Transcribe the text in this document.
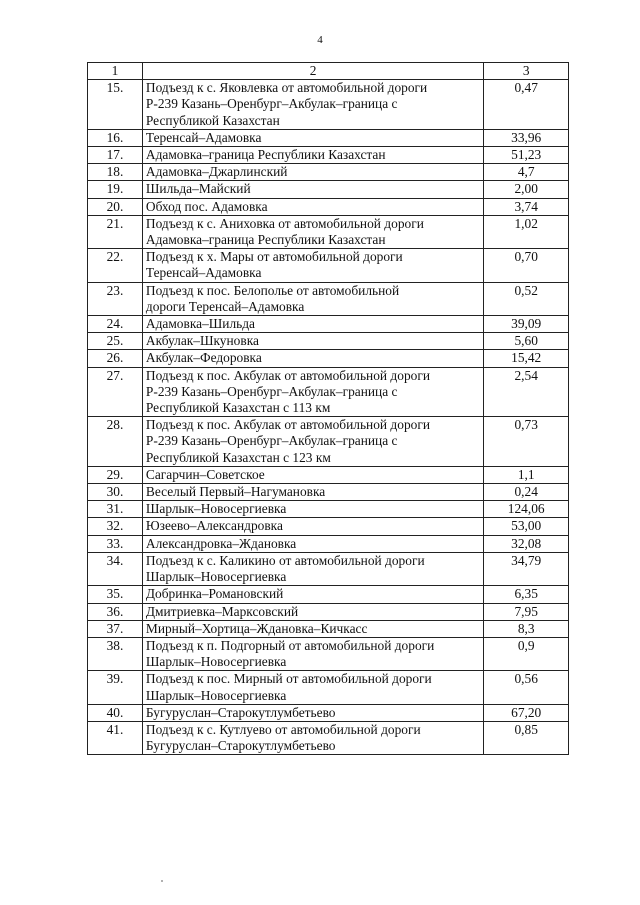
4
1	2	3
15.	Подъезд к с. Яковлевка от автомобильной дороги
Р-239 Казань–Оренбург–Акбулак–граница с
Республикой Казахстан	0,47
16.	Теренсай–Адамовка	33,96
17.	Адамовка–граница Республики Казахстан	51,23
18.	Адамовка–Джарлинский	4,7
19.	Шильда–Майский	2,00
20.	Обход пос. Адамовка	3,74
21.	Подъезд к с. Аниховка от автомобильной дороги
Адамовка–граница Республики Казахстан	1,02
22.	Подъезд к х. Мары от автомобильной дороги
Теренсай–Адамовка	0,70
23.	Подъезд к пос. Белополье от автомобильной
дороги Теренсай–Адамовка	0,52
24.	Адамовка–Шильда	39,09
25.	Акбулак–Шкуновка	5,60
26.	Акбулак–Федоровка	15,42
27.	Подъезд к пос. Акбулак от автомобильной дороги
Р-239 Казань–Оренбург–Акбулак–граница с
Республикой Казахстан с 113 км	2,54
28.	Подъезд к пос. Акбулак от автомобильной дороги
Р-239 Казань–Оренбург–Акбулак–граница с
Республикой Казахстан с 123 км	0,73
29.	Сагарчин–Советское	1,1
30.	Веселый Первый–Нагумановка	0,24
31.	Шарлык–Новосергиевка	124,06
32.	Юзеево–Александровка	53,00
33.	Александровка–Ждановка	32,08
34.	Подъезд к с. Каликино от автомобильной дороги
Шарлык–Новосергиевка	34,79
35.	Добринка–Романовский	6,35
36.	Дмитриевка–Марксовский	7,95
37.	Мирный–Хортица–Ждановка–Кичкасс	8,3
38.	Подъезд к п. Подгорный от автомобильной дороги
Шарлык–Новосергиевка	0,9
39.	Подъезд к пос. Мирный от автомобильной дороги
Шарлык–Новосергиевка	0,56
40.	Бугуруслан–Старокутлумбетьево	67,20
41.	Подъезд к с. Кутлуево от автомобильной дороги
Бугуруслан–Старокутлумбетьево	0,85
